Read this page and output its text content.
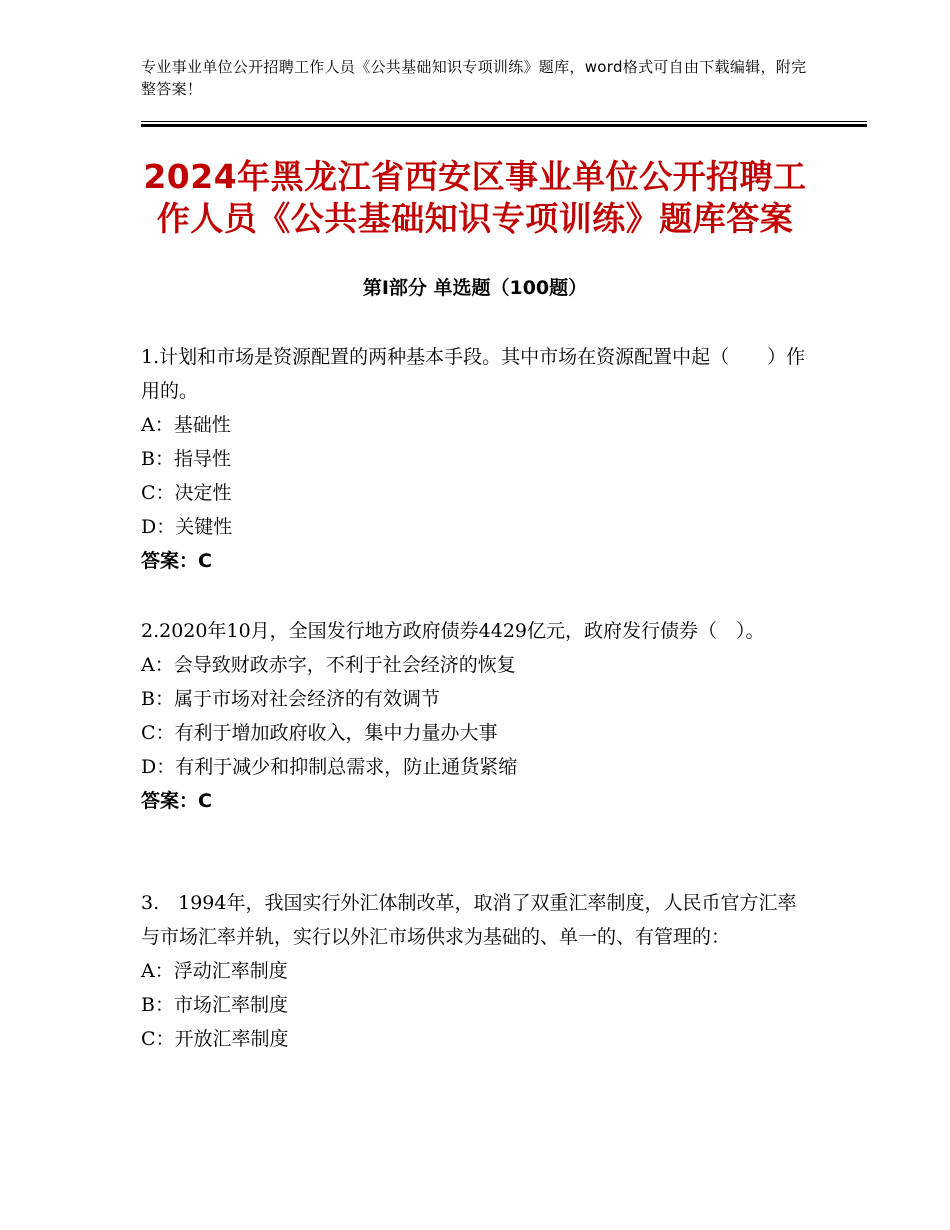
专业事业单位公开招聘工作人员《公共基础知识专项训练》题库，word格式可自由下载编辑，附完整答案！
2024年黑龙江省西安区事业单位公开招聘工作人员《公共基础知识专项训练》题库答案
第Ⅰ部分 单选题（100题）
1.计划和市场是资源配置的两种基本手段。其中市场在资源配置中起（　　）作用的。
A：基础性
B：指导性
C：决定性
D：关键性
答案：C
2.2020年10月，全国发行地方政府债券4429亿元，政府发行债券（　）。
A：会导致财政赤字，不利于社会经济的恢复
B：属于市场对社会经济的有效调节
C：有利于增加政府收入，集中力量办大事
D：有利于减少和抑制总需求，防止通货紧缩
答案：C
3.　1994年，我国实行外汇体制改革，取消了双重汇率制度，人民币官方汇率与市场汇率并轨，实行以外汇市场供求为基础的、单一的、有管理的：
A：浮动汇率制度
B：市场汇率制度
C：开放汇率制度
